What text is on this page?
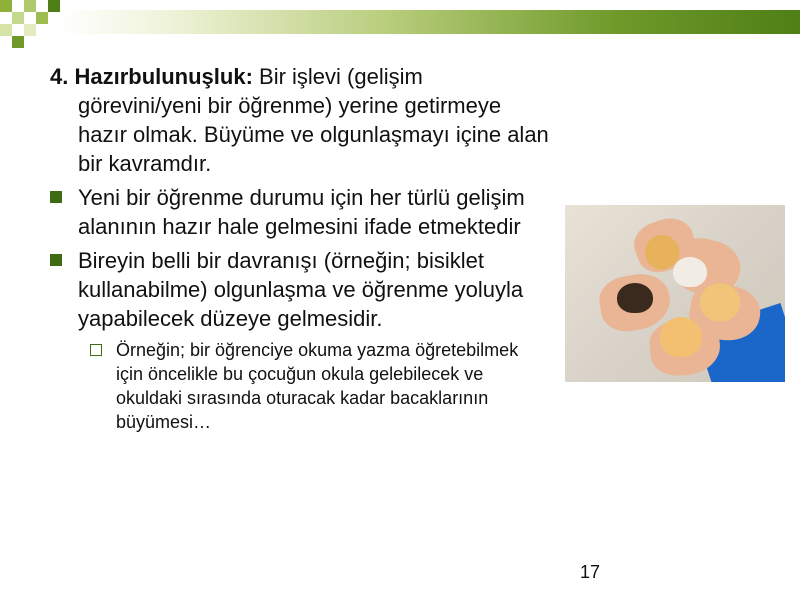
4. Hazırbulunuşluk: Bir işlevi (gelişim görevini/yeni bir öğrenme) yerine getirmeye hazır olmak. Büyüme ve olgunlaşmayı içine alan bir kavramdır.
Yeni bir öğrenme durumu için her türlü gelişim alanının hazır hale gelmesini ifade etmektedir
Bireyin belli bir davranışı (örneğin; bisiklet kullanabilme) olgunlaşma ve öğrenme yoluyla yapabilecek düzeye gelmesidir.
Örneğin; bir öğrenciye okuma yazma öğretebilmek için öncelikle bu çocuğun okula gelebilecek ve okuldaki sırasında oturacak kadar bacaklarının büyümesi…
17
